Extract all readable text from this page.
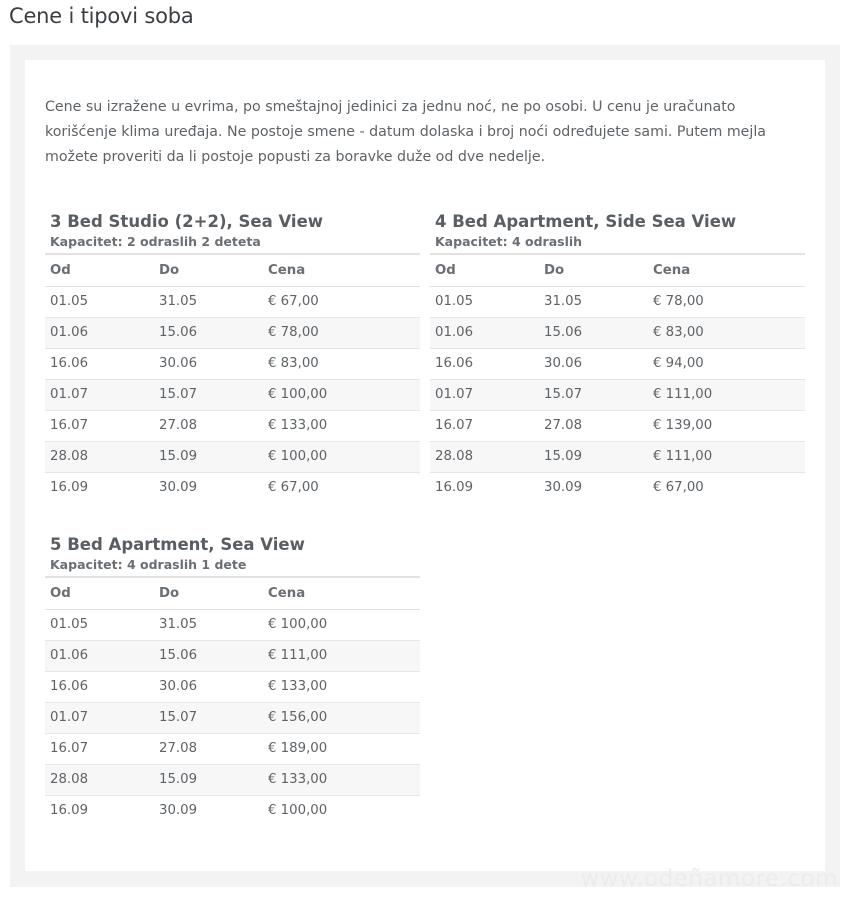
Cene i tipovi soba

Cene su izražene u evrima, po smeštajnoj jedinici za jednu noć, ne po osobi. U cenu je uračunato korišćenje klima uređaja. Ne postoje smene - datum dolaska i broj noći određujete sami. Putem mejla možete proveriti da li postoje popusti za boravke duže od dve nedelje.

3 Bed Studio (2+2), Sea View
Kapacitet: 2 odraslih 2 deteta
Od	Do	Cena
01.05	31.05	€ 67,00
01.06	15.06	€ 78,00
16.06	30.06	€ 83,00
01.07	15.07	€ 100,00
16.07	27.08	€ 133,00
28.08	15.09	€ 100,00
16.09	30.09	€ 67,00
4 Bed Apartment, Side Sea View
Kapacitet: 4 odraslih
Od	Do	Cena
01.05	31.05	€ 78,00
01.06	15.06	€ 83,00
16.06	30.06	€ 94,00
01.07	15.07	€ 111,00
16.07	27.08	€ 139,00
28.08	15.09	€ 111,00
16.09	30.09	€ 67,00
5 Bed Apartment, Sea View
Kapacitet: 4 odraslih 1 dete
Od	Do	Cena
01.05	31.05	€ 100,00
01.06	15.06	€ 111,00
16.06	30.06	€ 133,00
01.07	15.07	€ 156,00
16.07	27.08	€ 189,00
28.08	15.09	€ 133,00
16.09	30.09	€ 100,00
www.odeñamore.com
